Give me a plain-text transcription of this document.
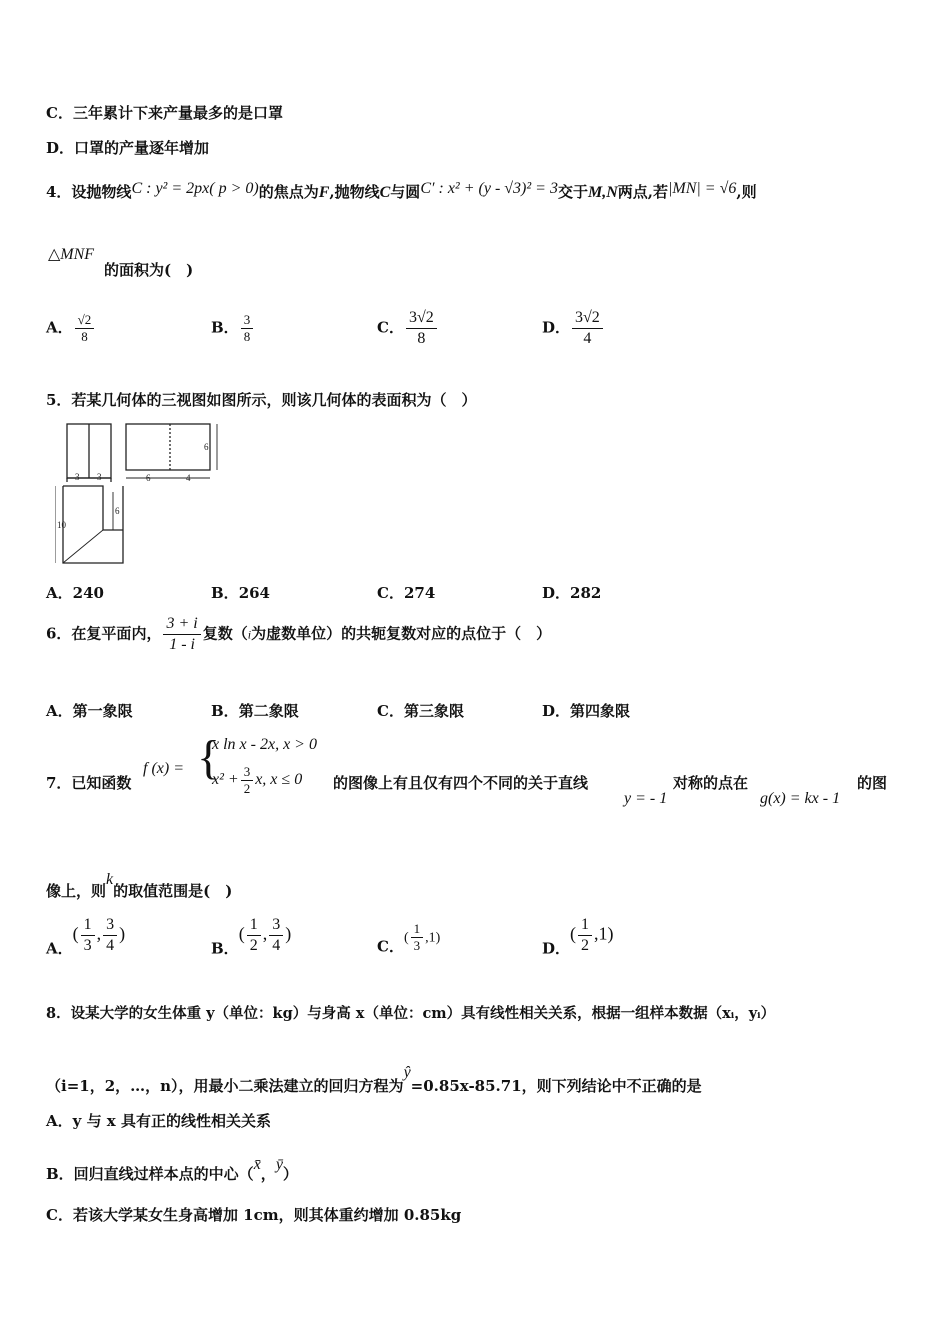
C．三年累计下来产量最多的是口罩
D．口罩的产量逐年增加
4．设抛物线C : y² = 2px( p > 0)的焦点为F,抛物线C与圆C′ : x² + (y - √3)² = 3交于M,N两点,若|MN| = √6,则
△MNF
的面积为(　)
A． $\frac{√2}{8}$	B． $\frac{3}{8}$	C． $\frac{3√2}{8}$	D． $\frac{3√2}{4}$
5．若某几何体的三视图如图所示，则该几何体的表面积为（　）
3 3	6	4
6
6
10
A．240	B．264	C．274	D．282
6．在复平面内， $\frac{3 + i}{1 - i}$ 复数（i为虚数单位）的共轭复数对应的点位于（　）
A．第一象限	B．第二象限	C．第三象限	D．第四象限
7．已知函数
f (x) = {
x ln x - 2x, x > 0
$x^2 + \frac{3}{2} x$, x ≤ 0 的图像上有且仅有四个不同的关于直线
y = - 1
对称的点在
g(x) = kx - 1
的图
像上，则k的取值范围是(　)
A．( $\frac{1}{3}$ , $\frac{3}{4}$ )
B．( $\frac{1}{2}$ , $\frac{3}{4}$ )
C．( $\frac{1}{3} ,1$)
D．( $\frac{1}{2} ,1$)
8．设某大学的女生体重 y（单位：kg）与身高 x（单位：cm）具有线性相关关系，根据一组样本数据（xᵢ，yᵢ）
（i=1，2，…，n），用最小二乘法建立的回归方程为ŷ=0.85x-85.71，则下列结论中不正确的是
A．y 与 x 具有正的线性相关关系
B．回归直线过样本点的中心（x̄，ȳ）
C．若该大学某女生身高增加 1cm，则其体重约增加 0.85kg
